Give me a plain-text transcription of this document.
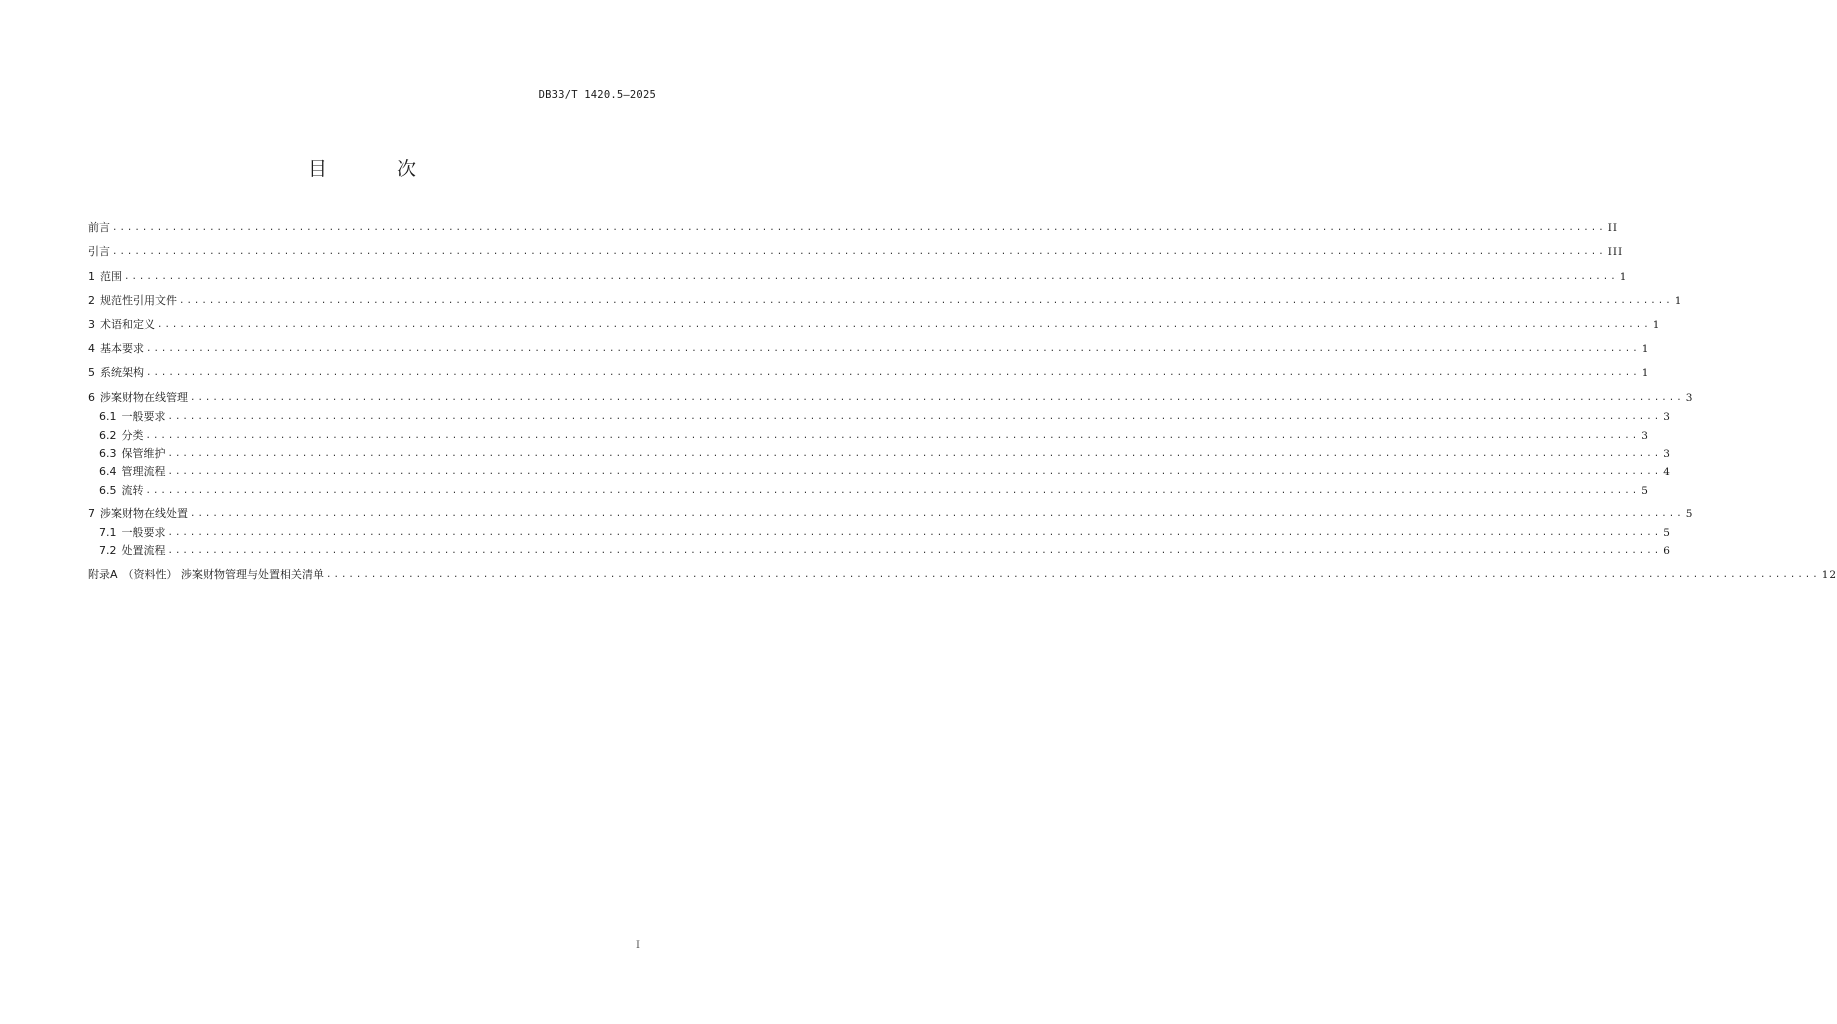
DB33/T 1420.5—2025
目 次
前言 ........................................................................................................................................................................................................ II
引言 ........................................................................................................................................................................................................ III
1 范围 ........................................................................................................................................................................................................ 1
2 规范性引用文件 ........................................................................................................................................................................................................ 1
3 术语和定义 ........................................................................................................................................................................................................ 1
4 基本要求 ........................................................................................................................................................................................................ 1
5 系统架构 ........................................................................................................................................................................................................ 1
6 涉案财物在线管理 ........................................................................................................................................................................................................ 3
6.1 一般要求 ........................................................................................................................................................................................................ 3
6.2 分类 ........................................................................................................................................................................................................ 3
6.3 保管维护 ........................................................................................................................................................................................................ 3
6.4 管理流程 ........................................................................................................................................................................................................ 4
6.5 流转 ........................................................................................................................................................................................................ 5
7 涉案财物在线处置 ........................................................................................................................................................................................................ 5
7.1 一般要求 ........................................................................................................................................................................................................ 5
7.2 处置流程 ........................................................................................................................................................................................................ 6
附录A （资料性） 涉案财物管理与处置相关清单 ........................................................................................................................................................................................................ 12
I
